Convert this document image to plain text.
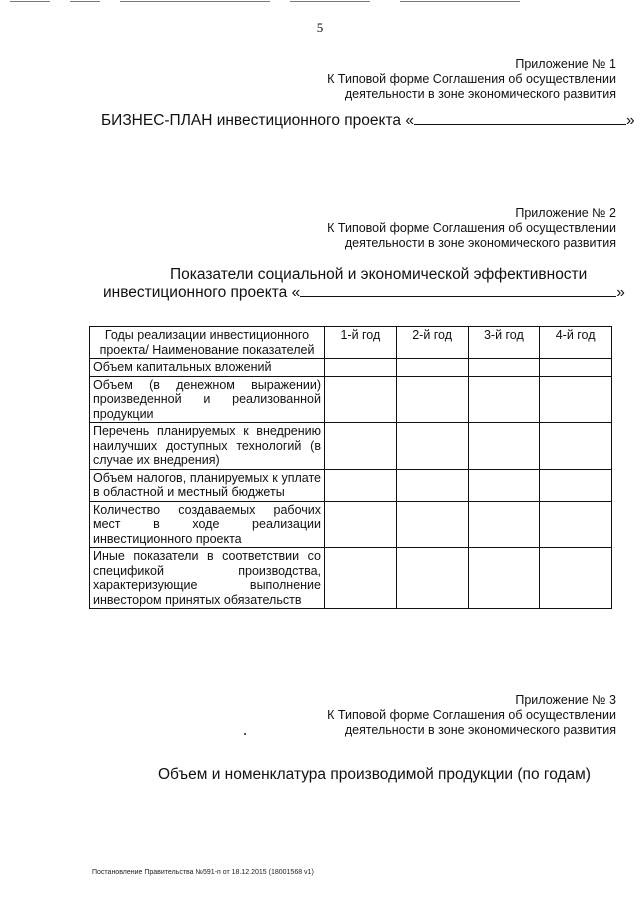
5
Приложение № 1
К Типовой форме Соглашения об осуществлении
деятельности в зоне экономического развития
БИЗНЕС-ПЛАН инвестиционного проекта «	»
Приложение № 2
К Типовой форме Соглашения об осуществлении
деятельности в зоне экономического развития
Показатели социальной и экономической эффективности
инвестиционного проекта «	»
Годы реализации инвестиционного проекта/ Наименование показателей	1-й год	2-й год	3-й год	4-й год
Объем капитальных вложений				
Объем (в денежном выражении) произведенной и реализованной продукции				
Перечень планируемых к внедрению наилучших доступных технологий (в случае их внедрения)				
Объем налогов, планируемых к уплате в областной и местный бюджеты				
Количество создаваемых рабочих мест в ходе реализации инвестиционного проекта				
Иные показатели в соответствии со спецификой производства, характеризующие выполнение инвестором принятых обязательств				
Приложение № 3
К Типовой форме Соглашения об осуществлении
деятельности в зоне экономического развития
Объем и номенклатура производимой продукции (по годам)
Постановление Правительства №591-п от 18.12.2015 (18001568 v1)
